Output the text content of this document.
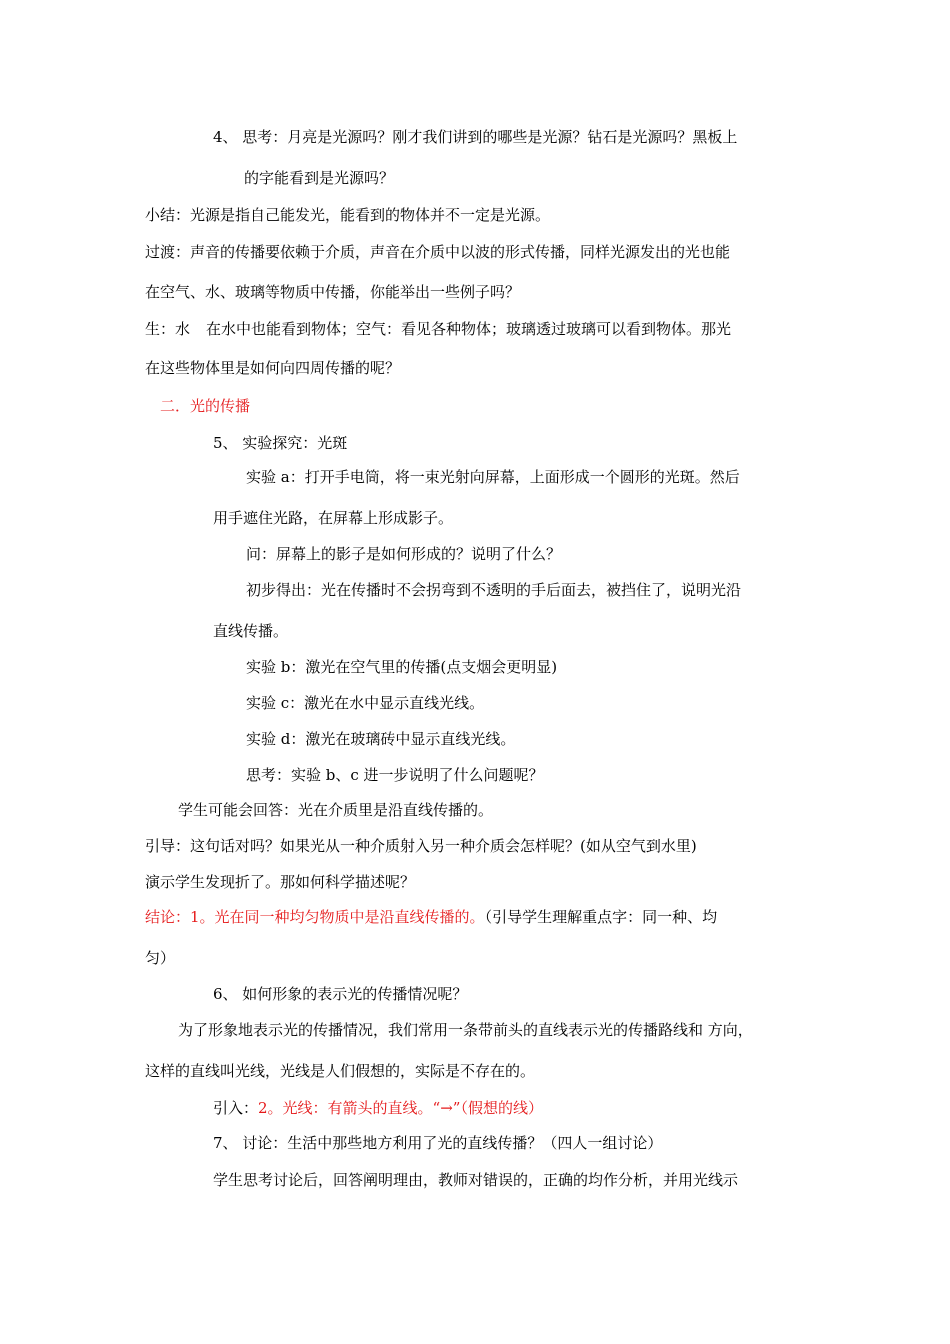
4、 思考：月亮是光源吗？刚才我们讲到的哪些是光源？钻石是光源吗？黑板上
的字能看到是光源吗？
小结：光源是指自己能发光，能看到的物体并不一定是光源。
过渡：声音的传播要依赖于介质，声音在介质中以波的形式传播，同样光源发出的光也能
在空气、水、玻璃等物质中传播，你能举出一些例子吗？
生：水 在水中也能看到物体；空气：看见各种物体；玻璃透过玻璃可以看到物体。那光
在这些物体里是如何向四周传播的呢？
二．光的传播
5、 实验探究：光斑
实验 a：打开手电筒，将一束光射向屏幕，上面形成一个圆形的光斑。然后
用手遮住光路，在屏幕上形成影子。
问：屏幕上的影子是如何形成的？说明了什么？
初步得出：光在传播时不会拐弯到不透明的手后面去，被挡住了，说明光沿
直线传播。
实验 b：激光在空气里的传播(点支烟会更明显)
实验 c：激光在水中显示直线光线。
实验 d：激光在玻璃砖中显示直线光线。
思考：实验 b、c 进一步说明了什么问题呢？
学生可能会回答：光在介质里是沿直线传播的。
引导：这句话对吗？如果光从一种介质射入另一种介质会怎样呢？(如从空气到水里)
演示学生发现折了。那如何科学描述呢？
结论：1。光在同一种均匀物质中是沿直线传播的。（引导学生理解重点字：同一种、均
匀）
6、 如何形象的表示光的传播情况呢？
为了形象地表示光的传播情况，我们常用一条带前头的直线表示光的传播路线和 方向，
这样的直线叫光线，光线是人们假想的，实际是不存在的。
引入：2。光线：有箭头的直线。“→”（假想的线）
7、 讨论：生活中那些地方利用了光的直线传播？（四人一组讨论）
学生思考讨论后，回答阐明理由，教师对错误的，正确的均作分析，并用光线示
